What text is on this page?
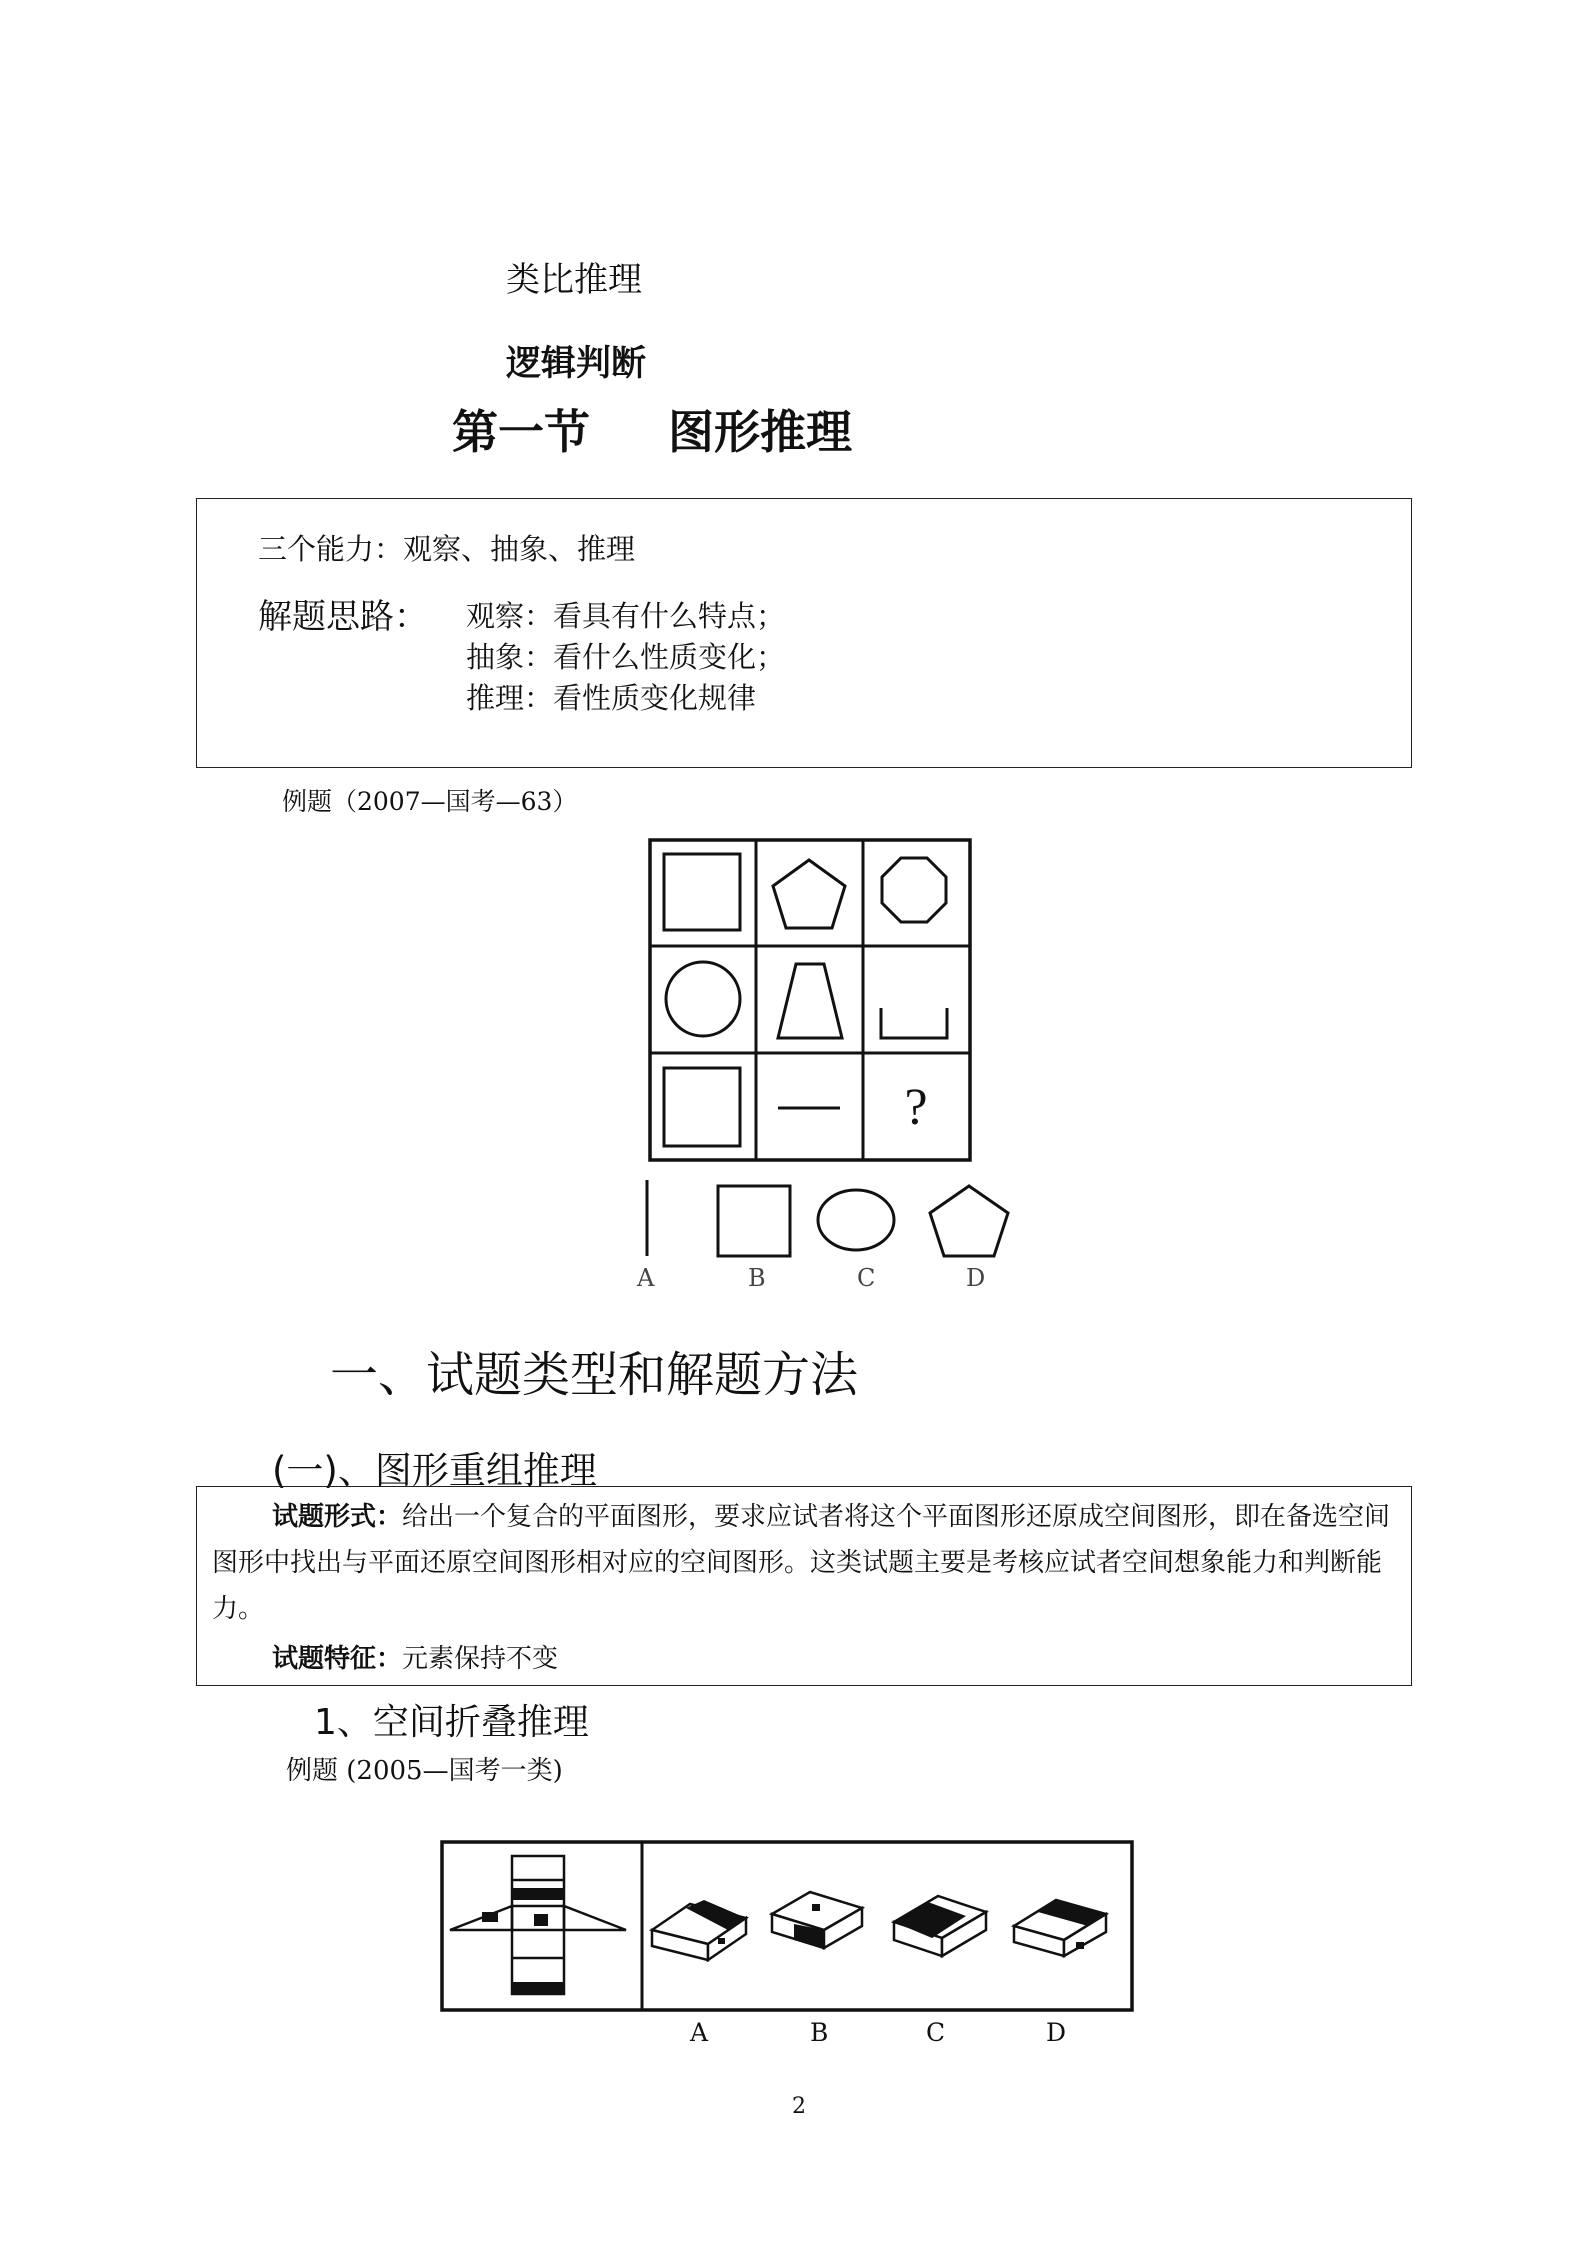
类比推理
逻辑判断
第一节 图形推理
三个能力：观察、抽象、推理
解题思路： 观察：看具有什么特点；
抽象：看什么性质变化；
推理：看性质变化规律
例题（2007—国考—63）
?
A	B	C	D
一、试题类型和解题方法
(一)、图形重组推理
试题形式：给出一个复合的平面图形，要求应试者将这个平面图形还原成空间图形，即在备选空间图形中找出与平面还原空间图形相对应的空间图形。这类试题主要是考核应试者空间想象能力和判断能力。
试题特征：元素保持不变
1、空间折叠推理
例题 (2005—国考一类)
A	B	C	D
2
